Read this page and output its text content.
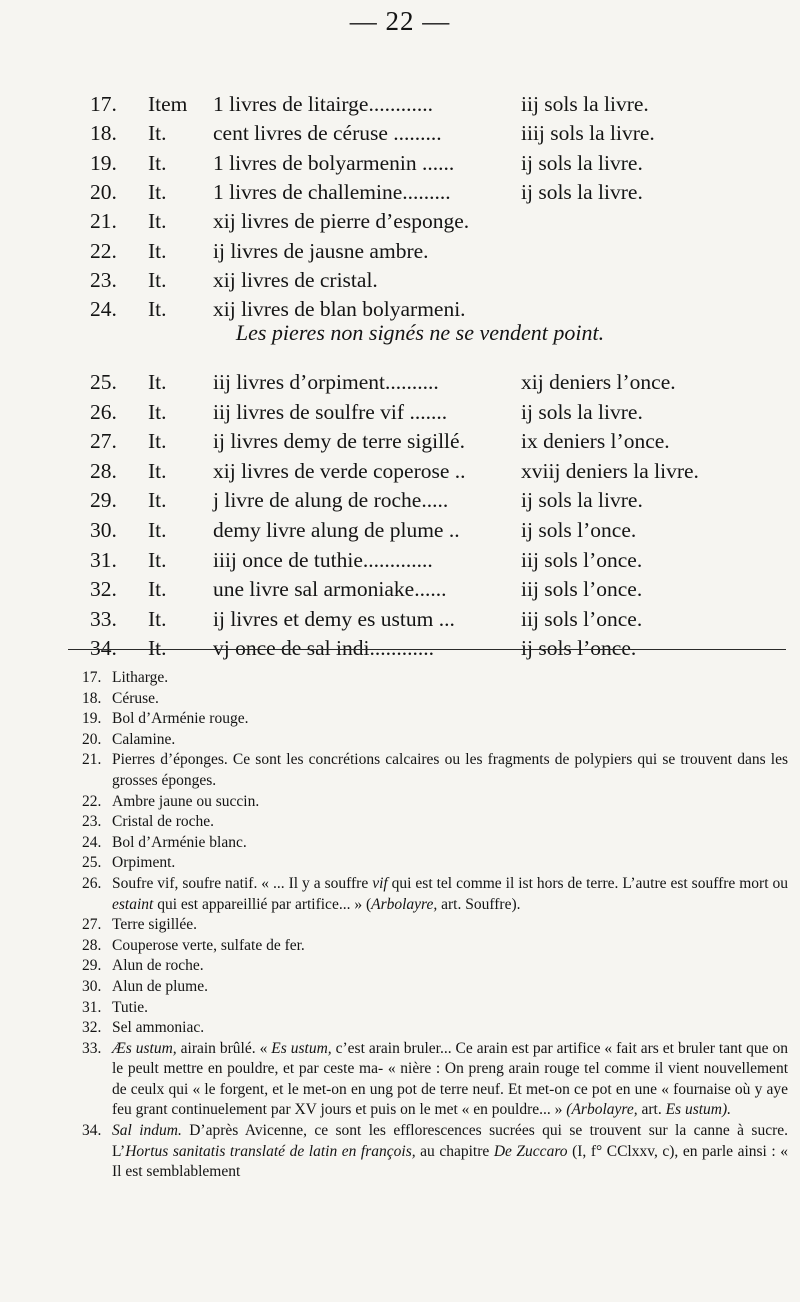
— 22 —
17. Item 1 livres de litairge............	iij sols la livre.
18. It. cent livres de céruse .........	iiij sols la livre.
19. It. 1 livres de bolyarmenin ......	ij sols la livre.
20. It. 1 livres de challemine.........	ij sols la livre.
21. It. xij livres de pierre d’esponge.
22. It. ij livres de jausne ambre.
23. It. xij livres de cristal.
24. It. xij livres de blan bolyarmeni.
Les pieres non signés ne se vendent point.
25. It. iij livres d’orpiment..........	xij deniers l’once.
26. It. iij livres de soulfre vif .......	ij sols la livre.
27. It. ij livres demy de terre sigillé.	ix deniers l’once.
28. It. xij livres de verde coperose ..	xviij deniers la livre.
29. It. j livre de alung de roche.....	ij sols la livre.
30. It. demy livre alung de plume ..	ij sols l’once.
31. It. iiij once de tuthie.............	iij sols l’once.
32. It. une livre sal armoniake......	iij sols l’once.
33. It. ij livres et demy es ustum ...	iij sols l’once.
34. It. vj once de sal indi............	ij sols l’once.
17. Litharge.
18. Céruse.
19. Bol d’Arménie rouge.
20. Calamine.
21. Pierres d’éponges. Ce sont les concrétions calcaires ou les fragments de polypiers qui se trouvent dans les grosses éponges.
22. Ambre jaune ou succin.
23. Cristal de roche.
24. Bol d’Arménie blanc.
25. Orpiment.
26. Soufre vif, soufre natif. « ... Il y a souffre vif qui est tel comme il ist hors de terre. L’autre est souffre mort ou estaint qui est appareillié par artifice... » (Arbolayre, art. Souffre).
27. Terre sigillée.
28. Couperose verte, sulfate de fer.
29. Alun de roche.
30. Alun de plume.
31. Tutie.
32. Sel ammoniac.
33. Æs ustum, airain brûlé. « Es ustum, c’est arain bruler... Ce arain est par artifice « fait ars et bruler tant que on le peult mettre en pouldre, et par ceste ma- « nière : On preng arain rouge tel comme il vient nouvellement de ceulx qui « le forgent, et le met-on en ung pot de terre neuf. Et met-on ce pot en une « fournaise où y aye feu grant continuelement par XV jours et puis on le met « en pouldre... » (Arbolayre, art. Es ustum).
34. Sal indum. D’après Avicenne, ce sont les efflorescences sucrées qui se trouvent sur la canne à sucre. L’Hortus sanitatis translaté de latin en françois, au chapitre De Zuccaro (I, f° CClxxv, c), en parle ainsi : « Il est semblablement
